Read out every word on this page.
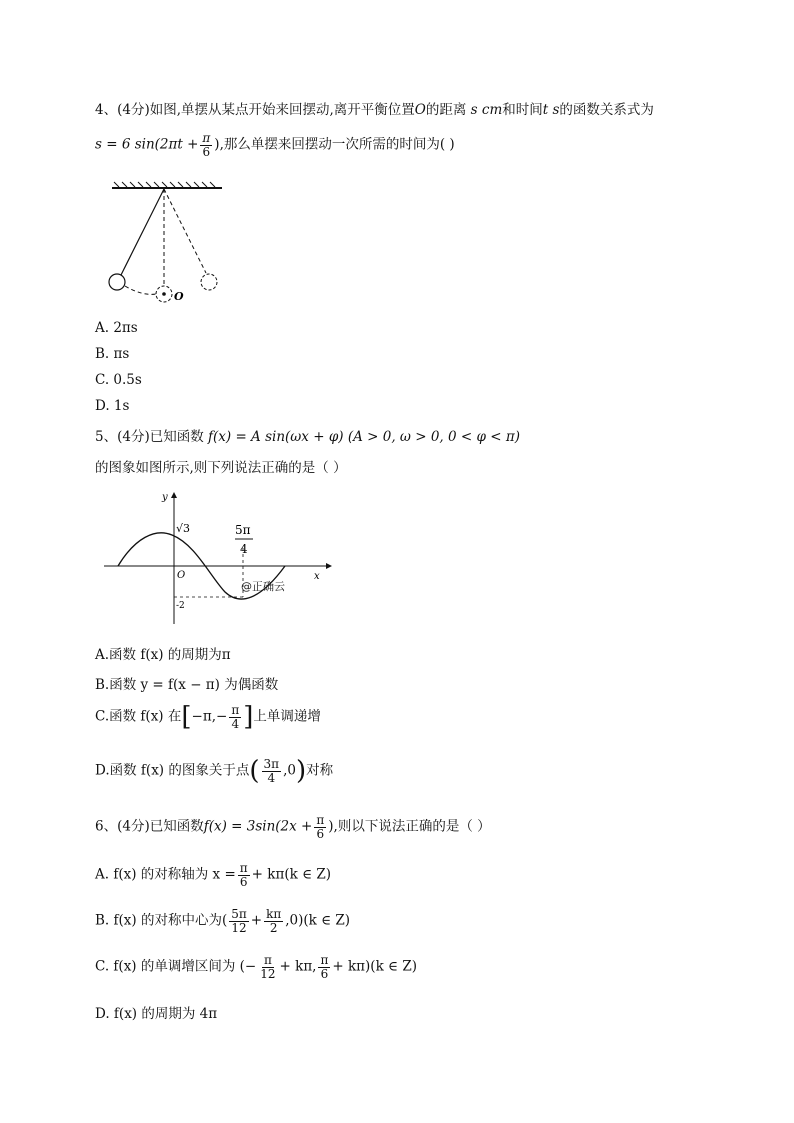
4、(4分)如图,单摆从某点开始来回摆动,离开平衡位置O的距离 s cm和时间t s的函数关系式为
s = 6 $\sin(2\pi t + \frac{\pi}{6}$ ),那么单摆来回摆动一次所需的时间为( )
O
A. 2πs
B. πs
C. 0.5s
D. 1s
5、(4分)已知函数 f(x) = A sin(ωx + φ) (A > 0, ω > 0, 0 < φ < π)
的图象如图所示,则下列说法正确的是（ ）
y
x
O
√3
-2
5π
4
@正确云
A.函数 f(x) 的周期为π
B.函数 y = f(x − π) 为偶函数
C.函数 f(x) 在[$-\pi,- \frac{\pi}{4}$ ]上单调递增
D.函数 f(x) 的图象关于点( $\frac{3\pi}{4} ,0$)对称
6、(4分)已知函数$f(x) = 3\sin(2x + \frac{\pi}{6}$ ),则以下说法正确的是（ ）
A. f(x) 的对称轴为 $x = \frac{\pi}{6} + k\pi(k$ ∈ Z)
B. f(x) 的对称中心为( $\frac{5\pi}{12} + \frac{k\pi}{2} ,0)(k$ ∈ Z)
C. f(x) 的单调增区间为 (− $\frac{\pi}{12} + k\pi$, $\frac{\pi}{6} + k\pi)(k$ ∈ Z)
D. f(x) 的周期为 4π
